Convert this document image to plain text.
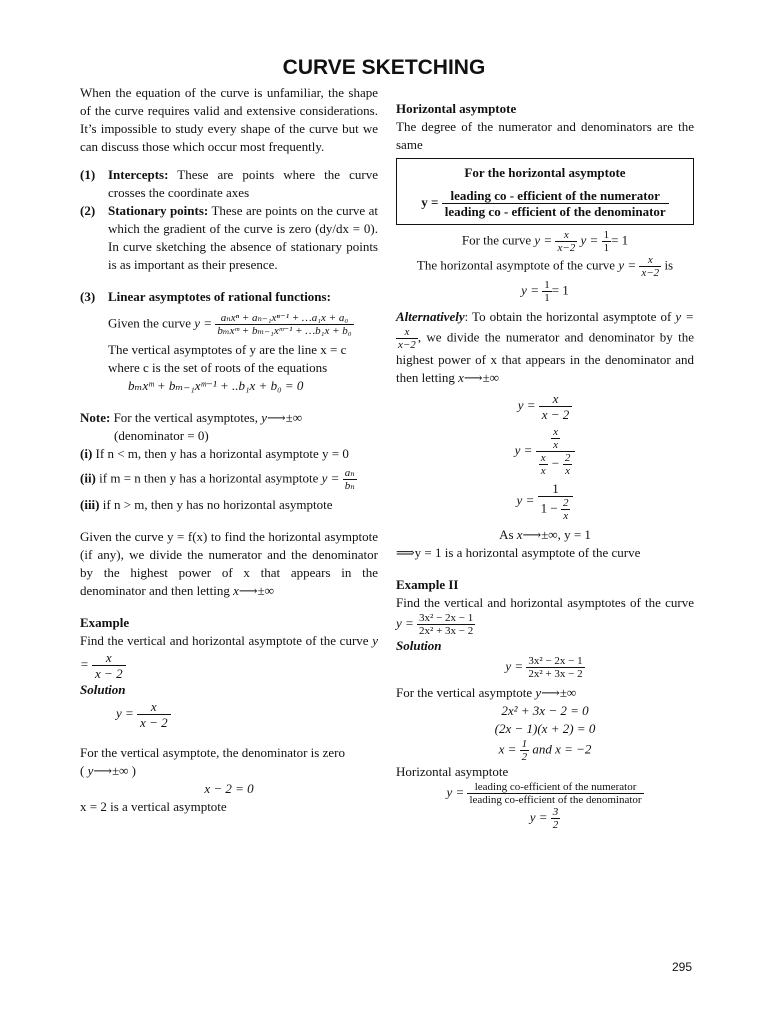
CURVE SKETCHING

When the equation of the curve is unfamiliar, the shape of the curve requires valid and extensive considerations. It’s impossible to study every shape of the curve but we can discuss those which occur most frequently.

(1) Intercepts: These are points where the curve crosses the coordinate axes
(2) Stationary points: These are points on the curve at which the gradient of the curve is zero (dy/dx = 0). In curve sketching the absence of stationary points is as important as their presence.
(3) Linear asymptotes of rational functions:
Given the curve $y = \frac{\text{aₙxⁿ + aₙ₋₁xⁿ⁻¹ + …a₁x + a₀}}{\text{bₘxᵐ + bₘ₋₁xᵐ⁻¹ + …b₁x + b₀}}$

The vertical asymptotes of y are the line x = c

where c is the set of roots of the equations

bₘxᵐ + bₘ₋₁xᵐ⁻¹ + ..b₁x + b₀ = 0

Note: For the vertical asymptotes, y⟶±∞

(denominator = 0)

(i) If n < m, then y has a horizontal asymptote y = 0

(ii) if m = n then y has a horizontal asymptote $y = \frac{\text{aₙ}}{\text{bₙ}}$

(iii) if n > m, then y has no horizontal asymptote

Given the curve y = f(x) to find the horizontal asymptote (if any), we divide the numerator and the denominator by the highest power of x that appears in the denominator and then letting x⟶±∞

Example

Find the vertical and horizontal asymptote of the curve $y = \frac{x}{x - 2}$

Solution

$y = \frac{x}{x - 2}$

For the vertical asymptote, the denominator is zero

( y⟶±∞ )

x − 2 = 0

x = 2 is a vertical asymptote

Horizontal asymptote

The degree of the numerator and denominators are the same

For the horizontal asymptote

$y = \frac{\text{leading co - efficient of the numerator}}{\text{leading co - efficient of the denominator}}$

For the curve $y = \frac{x}{x-2}$ $y = \frac{1}{1} = 1$

The horizontal asymptote of the curve $y = \frac{x}{x-2}$ is

$y = \frac{1}{1} = 1$

Alternatively: To obtain the horizontal asymptote of y =
$\frac{x}{x-2}$ , we divide the numerator and denominator by the highest power of x that appears in the denominator and then letting x⟶±∞

$y = \frac{x}{x - 2}$

$y = \frac{\frac{x}{x}}{\frac{x}{x} - \frac{2}{x}}$

$y = \frac{1}{1 - \frac{2}{x}}$

As x⟶±∞, y = 1

⟹y = 1 is a horizontal asymptote of the curve

Example II

Find the vertical and horizontal asymptotes of the curve $y = \frac{\text{3x² − 2x − 1}}{\text{2x² + 3x − 2}}$

Solution

$y = \frac{\text{3x² − 2x − 1}}{\text{2x² + 3x − 2}}$

For the vertical asymptote y⟶±∞

2x² + 3x − 2 = 0

(2x − 1)(x + 2) = 0

$x = \frac{1}{2}$ and x = −2

Horizontal asymptote

$y = \frac{\text{leading co-efficient of the numerator}}{\text{leading co-efficient of the denominator}}$

$y = \frac{3}{2}$

295
